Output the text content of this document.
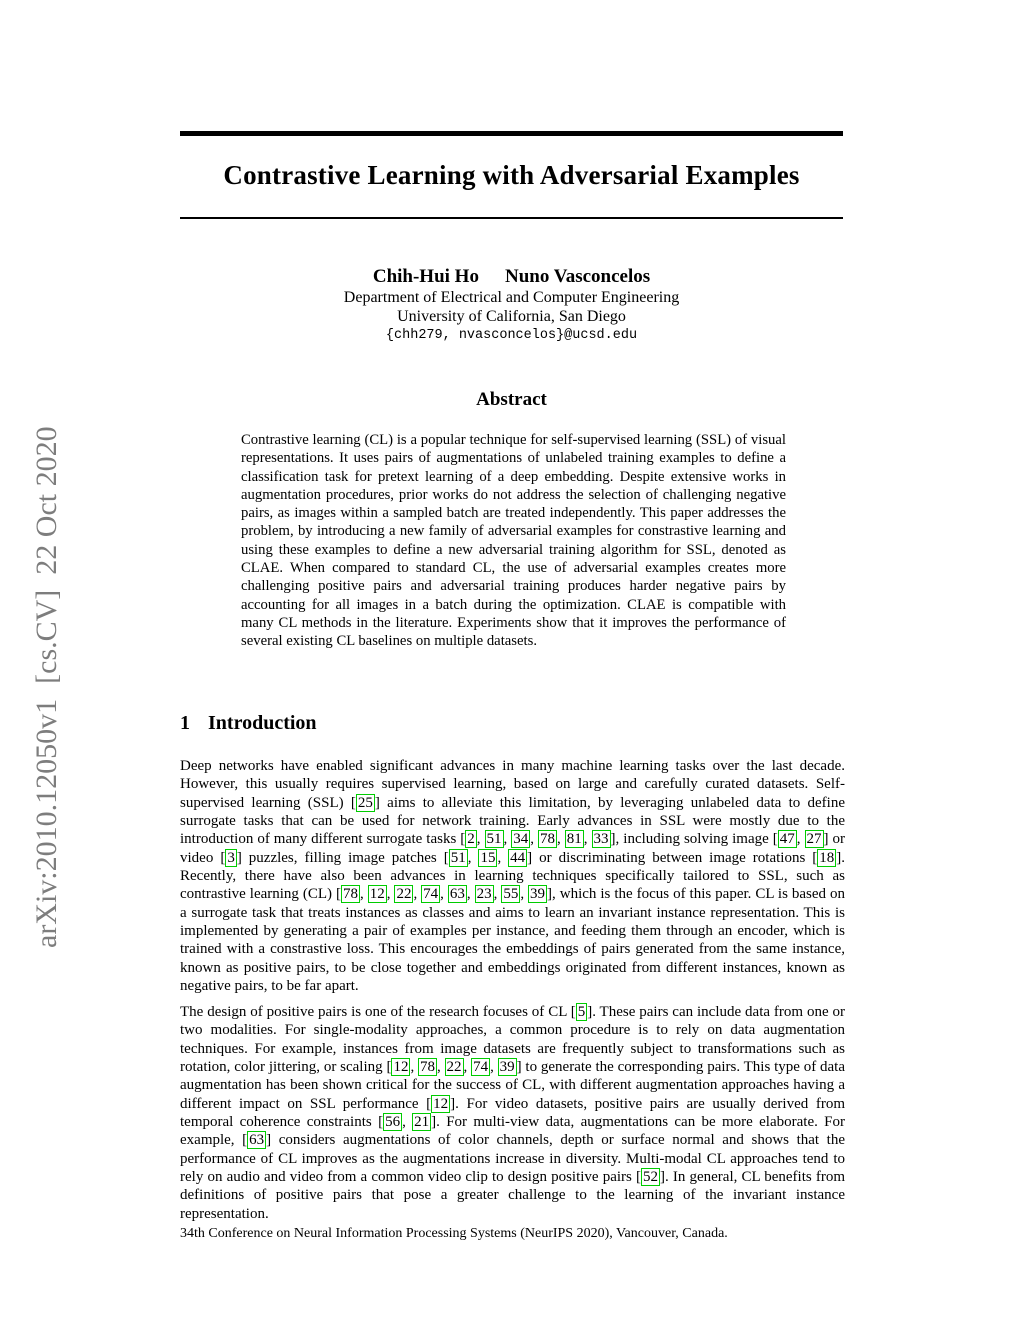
arXiv:2010.12050v1  [cs.CV]  22 Oct 2020
Contrastive Learning with Adversarial Examples
Chih-Hui Ho Nuno Vasconcelos
Department of Electrical and Computer Engineering
University of California, San Diego
{chh279, nvasconcelos}@ucsd.edu
Abstract

Contrastive learning (CL) is a popular technique for self-supervised learning (SSL) of visual representations. It uses pairs of augmentations of unlabeled training examples to define a classification task for pretext learning of a deep embedding. Despite extensive works in augmentation procedures, prior works do not address the selection of challenging negative pairs, as images within a sampled batch are treated independently. This paper addresses the problem, by introducing a new family of adversarial examples for constrastive learning and using these examples to define a new adversarial training algorithm for SSL, denoted as CLAE. When compared to standard CL, the use of adversarial examples creates more challenging positive pairs and adversarial training produces harder negative pairs by accounting for all images in a batch during the optimization. CLAE is compatible with many CL methods in the literature. Experiments show that it improves the performance of several existing CL baselines on multiple datasets.

1 Introduction

Deep networks have enabled significant advances in many machine learning tasks over the last decade. However, this usually requires supervised learning, based on large and carefully curated datasets. Self-supervised learning (SSL) [ 25 ] aims to alleviate this limitation, by leveraging unlabeled data to define surrogate tasks that can be used for network training. Early advances in SSL were mostly due to the introduction of many different surrogate tasks [ 2 , 51 , 34 , 78 , 81 , 33 ], including solving image [ 47 , 27 ] or video [ 3 ] puzzles, filling image patches [ 51 , 15 , 44 ] or discriminating between image rotations [ 18 ]. Recently, there have also been advances in learning techniques specifically tailored to SSL, such as contrastive learning (CL) [ 78 , 12 , 22 , 74 , 63 , 23 , 55 , 39 ], which is the focus of this paper. CL is based on a surrogate task that treats instances as classes and aims to learn an invariant instance representation. This is implemented by generating a pair of examples per instance, and feeding them through an encoder, which is trained with a constrastive loss. This encourages the embeddings of pairs generated from the same instance, known as positive pairs, to be close together and embeddings originated from different instances, known as negative pairs, to be far apart.

The design of positive pairs is one of the research focuses of CL [ 5 ]. These pairs can include data from one or two modalities. For single-modality approaches, a common procedure is to rely on data augmentation techniques. For example, instances from image datasets are frequently subject to transformations such as rotation, color jittering, or scaling [ 12 , 78 , 22 , 74 , 39 ] to generate the corresponding pairs. This type of data augmentation has been shown critical for the success of CL, with different augmentation approaches having a different impact on SSL performance [ 12 ]. For video datasets, positive pairs are usually derived from temporal coherence constraints [ 56 , 21 ]. For multi-view data, augmentations can be more elaborate. For example, [ 63 ] considers augmentations of color channels, depth or surface normal and shows that the performance of CL improves as the augmentations increase in diversity. Multi-modal CL approaches tend to rely on audio and video from a common video clip to design positive pairs [ 52 ]. In general, CL benefits from definitions of positive pairs that pose a greater challenge to the learning of the invariant instance representation.

34th Conference on Neural Information Processing Systems (NeurIPS 2020), Vancouver, Canada.
